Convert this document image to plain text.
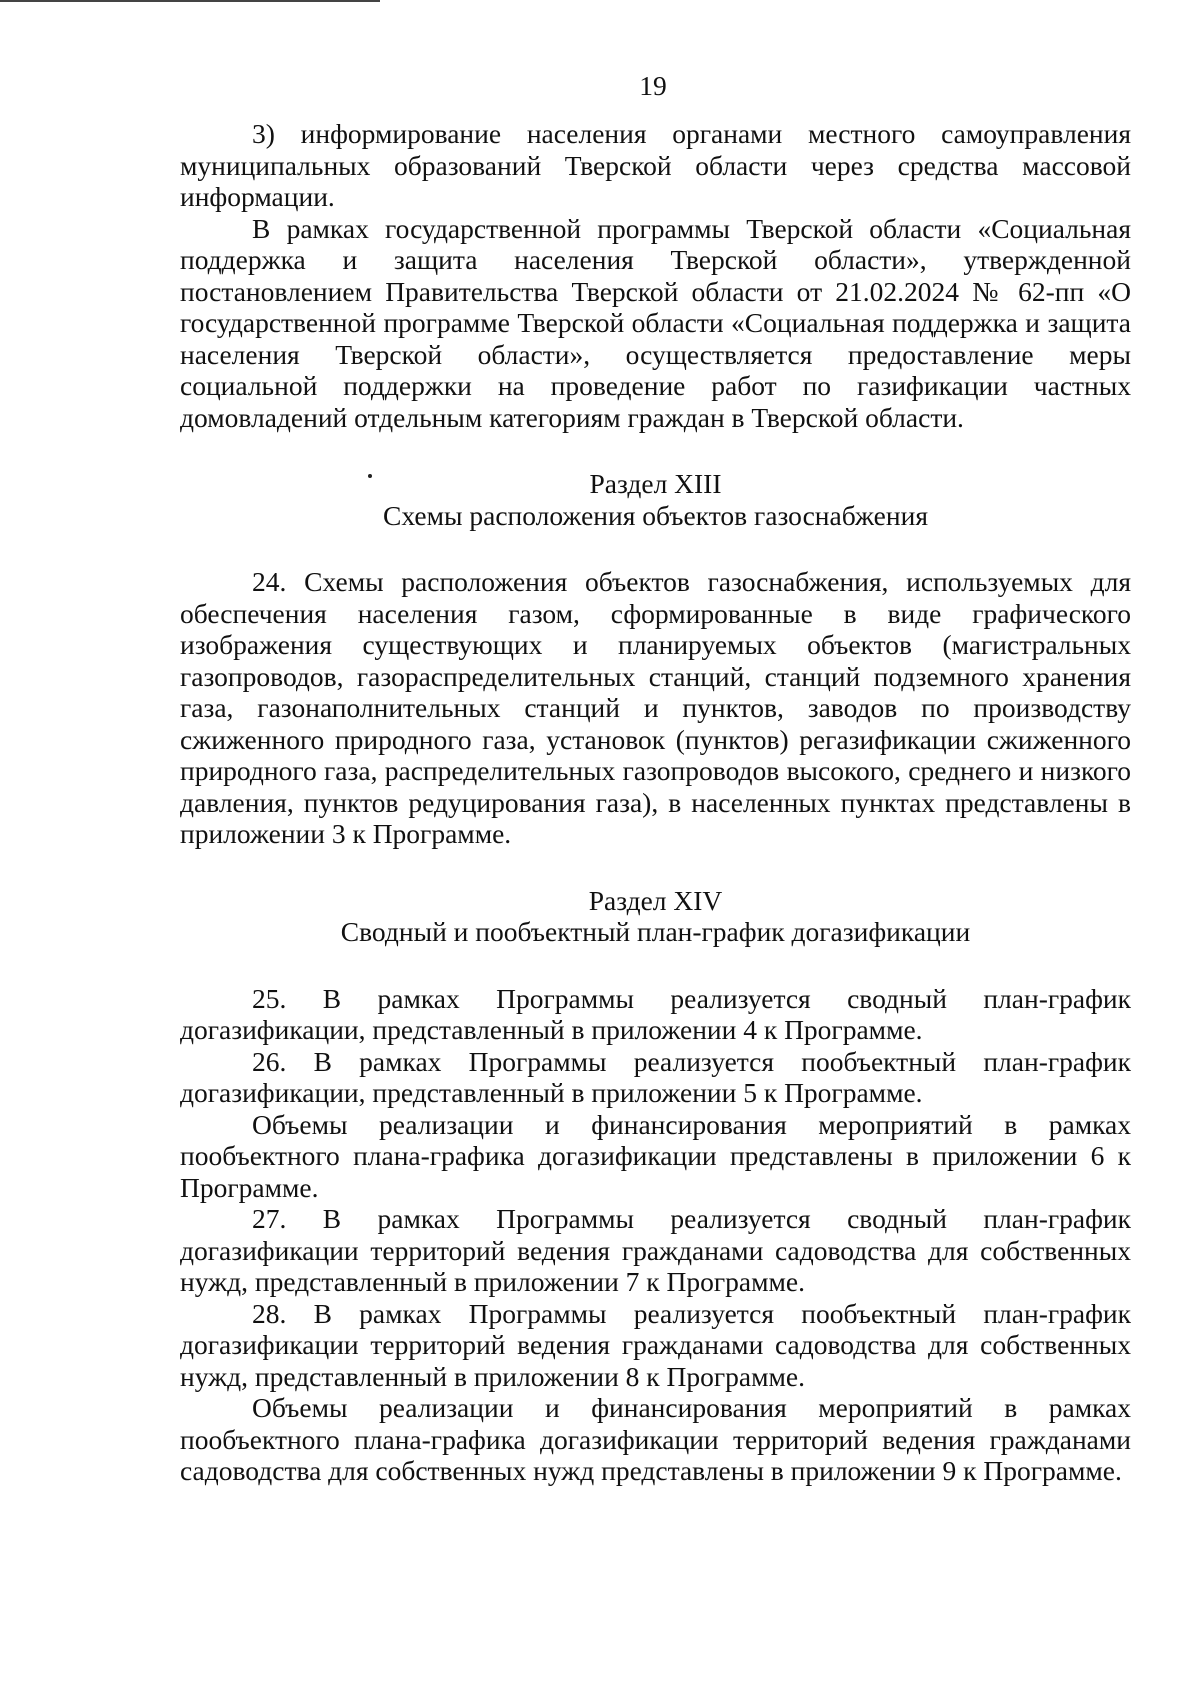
19

3) информирование населения органами местного самоуправления муниципальных образований Тверской области через средства массовой информации.

В рамках государственной программы Тверской области «Социальная поддержка и защита населения Тверской области», утвержденной постановлением Правительства Тверской области от 21.02.2024 № 62-пп «О государственной программе Тверской области «Социальная поддержка и защита населения Тверской области», осуществляется предоставление меры социальной поддержки на проведение работ по газификации частных домовладений отдельным категориям граждан в Тверской области.

Раздел XIII
Схемы расположения объектов газоснабжения

24. Схемы расположения объектов газоснабжения, используемых для обеспечения населения газом, сформированные в виде графического изображения существующих и планируемых объектов (магистральных газопроводов, газораспределительных станций, станций подземного хранения газа, газонаполнительных станций и пунктов, заводов по производству сжиженного природного газа, установок (пунктов) регазификации сжиженного природного газа, распределительных газопроводов высокого, среднего и низкого давления, пунктов редуцирования газа), в населенных пунктах представлены в приложении 3 к Программе.

Раздел XIV
Сводный и пообъектный план-график догазификации

25. В рамках Программы реализуется сводный план-график догазификации, представленный в приложении 4 к Программе.

26. В рамках Программы реализуется пообъектный план-график догазификации, представленный в приложении 5 к Программе.

Объемы реализации и финансирования мероприятий в рамках пообъектного плана-графика догазификации представлены в приложении 6 к Программе.

27. В рамках Программы реализуется сводный план-график догазификации территорий ведения гражданами садоводства для собственных нужд, представленный в приложении 7 к Программе.

28. В рамках Программы реализуется пообъектный план-график догазификации территорий ведения гражданами садоводства для собственных нужд, представленный в приложении 8 к Программе.

Объемы реализации и финансирования мероприятий в рамках пообъектного плана-графика догазификации территорий ведения гражданами садоводства для собственных нужд представлены в приложении 9 к Программе.
